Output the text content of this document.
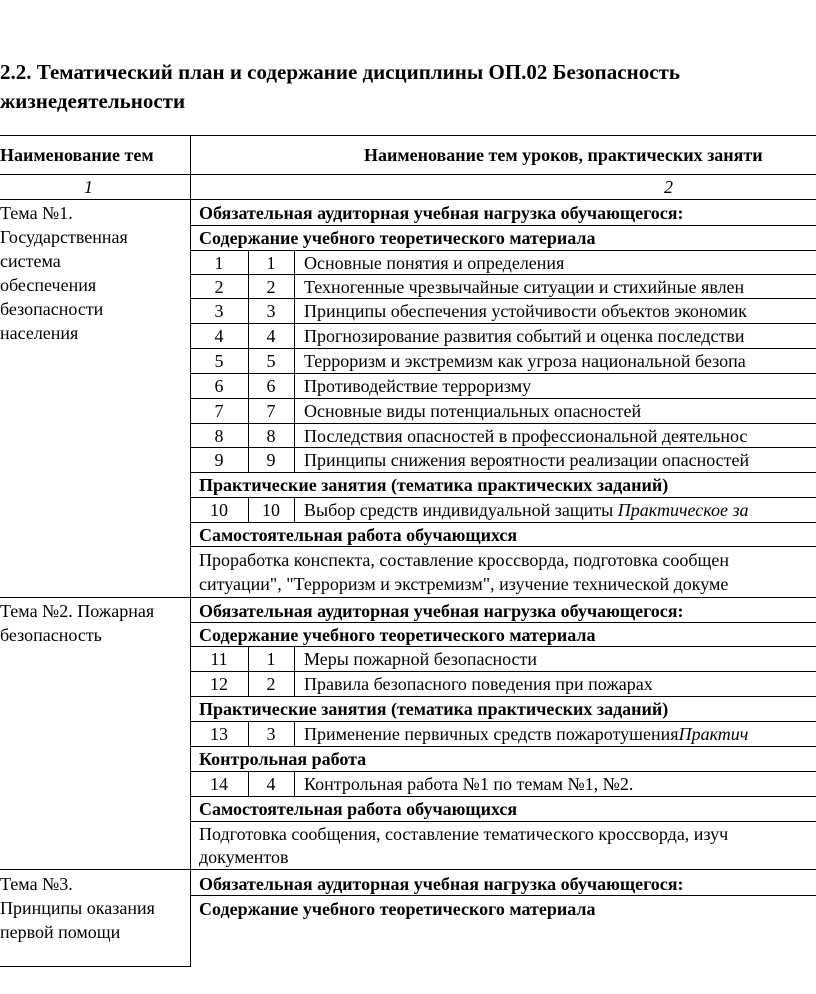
2.2. Тематический план и содержание дисциплины ОП.02 Безопасность
жизнедеятельности
Наименование тем	Наименование тем уроков, практических заняти
1	2
Тема №1.
Государственная
система
обеспечения
безопасности
населения
Обязательная аудиторная учебная нагрузка обучающегося:
Содержание учебного теоретического материала
1	1	Основные понятия и определения
2	2	Техногенные чрезвычайные ситуации и стихийные явлен
3	3	Принципы обеспечения устойчивости объектов экономик
4	4	Прогнозирование развития событий и оценка последстви
5	5	Терроризм и экстремизм как угроза национальной безопа
6	6	Противодействие терроризму
7	7	Основные виды потенциальных опасностей
8	8	Последствия опасностей в профессиональной деятельнос
9	9	Принципы снижения вероятности реализации опасностей
Практические занятия (тематика практических заданий)
10	10	Выбор средств индивидуальной защиты Практическое за
Самостоятельная работа обучающихся
Проработка конспекта, составление кроссворда, подготовка сообщен
ситуации", "Терроризм и экстремизм", изучение технической докуме
Тема №2. Пожарная
безопасность
Обязательная аудиторная учебная нагрузка обучающегося:
Содержание учебного теоретического материала
11	1	Меры пожарной безопасности
12	2	Правила безопасного поведения при пожарах
Практические занятия (тематика практических заданий)
13	3	Применение первичных средств пожаротушенияПрактич
Контрольная работа
14	4	Контрольная работа №1 по темам №1, №2.
Самостоятельная работа обучающихся
Подготовка сообщения, составление тематического кроссворда, изуч
документов
Тема №3.
Принципы оказания
первой помощи
Обязательная аудиторная учебная нагрузка обучающегося:
Содержание учебного теоретического материала
